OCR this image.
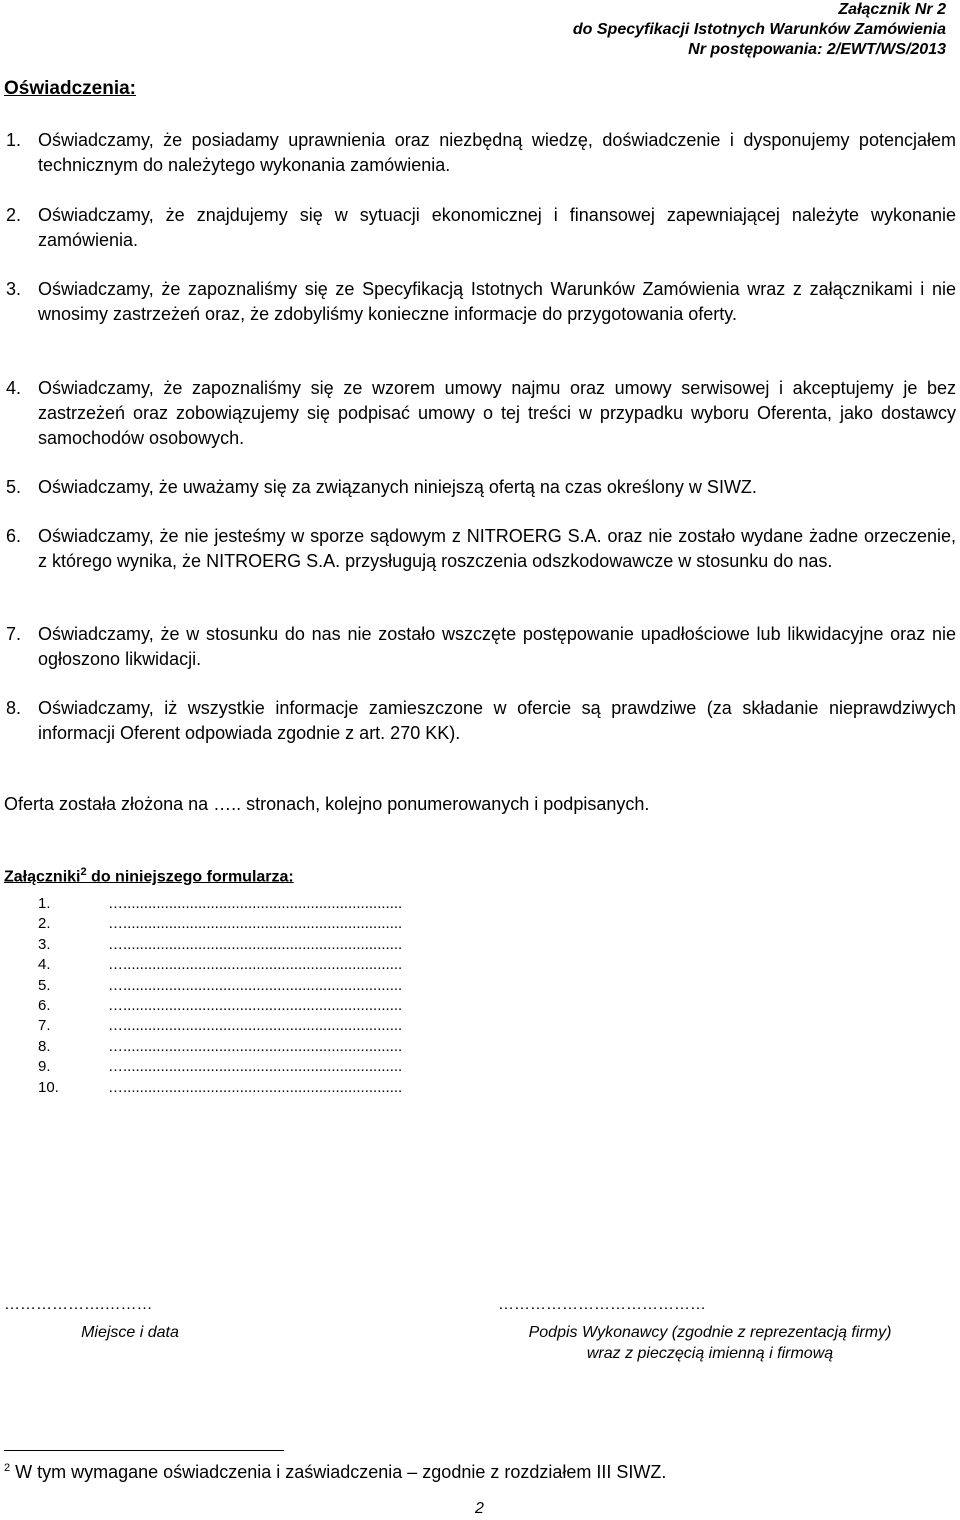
Załącznik Nr 2
do Specyfikacji Istotnych Warunków Zamówienia
Nr postępowania: 2/EWT/WS/2013
Oświadczenia:
1. Oświadczamy, że posiadamy uprawnienia oraz niezbędną wiedzę, doświadczenie i dysponujemy potencjałem technicznym do należytego wykonania zamówienia.
2. Oświadczamy, że znajdujemy się w sytuacji ekonomicznej i finansowej zapewniającej należyte wykonanie zamówienia.
3. Oświadczamy, że zapoznaliśmy się ze Specyfikacją Istotnych Warunków Zamówienia wraz z załącznikami i nie wnosimy zastrzeżeń oraz, że zdobyliśmy konieczne informacje do przygotowania oferty.
4. Oświadczamy, że zapoznaliśmy się ze wzorem umowy najmu oraz umowy serwisowej i akceptujemy je bez zastrzeżeń oraz zobowiązujemy się podpisać umowy o tej treści w przypadku wyboru Oferenta, jako dostawcy samochodów osobowych.
5. Oświadczamy, że uważamy się za związanych niniejszą ofertą na czas określony w SIWZ.
6. Oświadczamy, że nie jesteśmy w sporze sądowym z NITROERG S.A. oraz nie zostało wydane żadne orzeczenie, z którego wynika, że NITROERG S.A. przysługują roszczenia odszkodowawcze w stosunku do nas.
7. Oświadczamy, że w stosunku do nas nie zostało wszczęte postępowanie upadłościowe lub likwidacyjne oraz nie ogłoszono likwidacji.
8. Oświadczamy, iż wszystkie informacje zamieszczone w ofercie są prawdziwe (za składanie nieprawdziwych informacji Oferent odpowiada zgodnie z art. 270 KK).
Oferta została złożona na ….. stronach, kolejno ponumerowanych i podpisanych.
Załączniki$^2$ do niniejszego formularza:
1.	…...................................................................
2.	…...................................................................
3.	…...................................................................
4.	…...................................................................
5.	…...................................................................
6.	…...................................................................
7.	…...................................................................
8.	…...................................................................
9.	…...................................................................
10.	…...................................................................
……………….………	…………………………………
Miejsce i data	Podpis Wykonawcy (zgodnie z reprezentacją firmy)
wraz z pieczęcią imienną i firmową
$^2$ W tym wymagane oświadczenia i zaświadczenia – zgodnie z rozdziałem III SIWZ.
2
